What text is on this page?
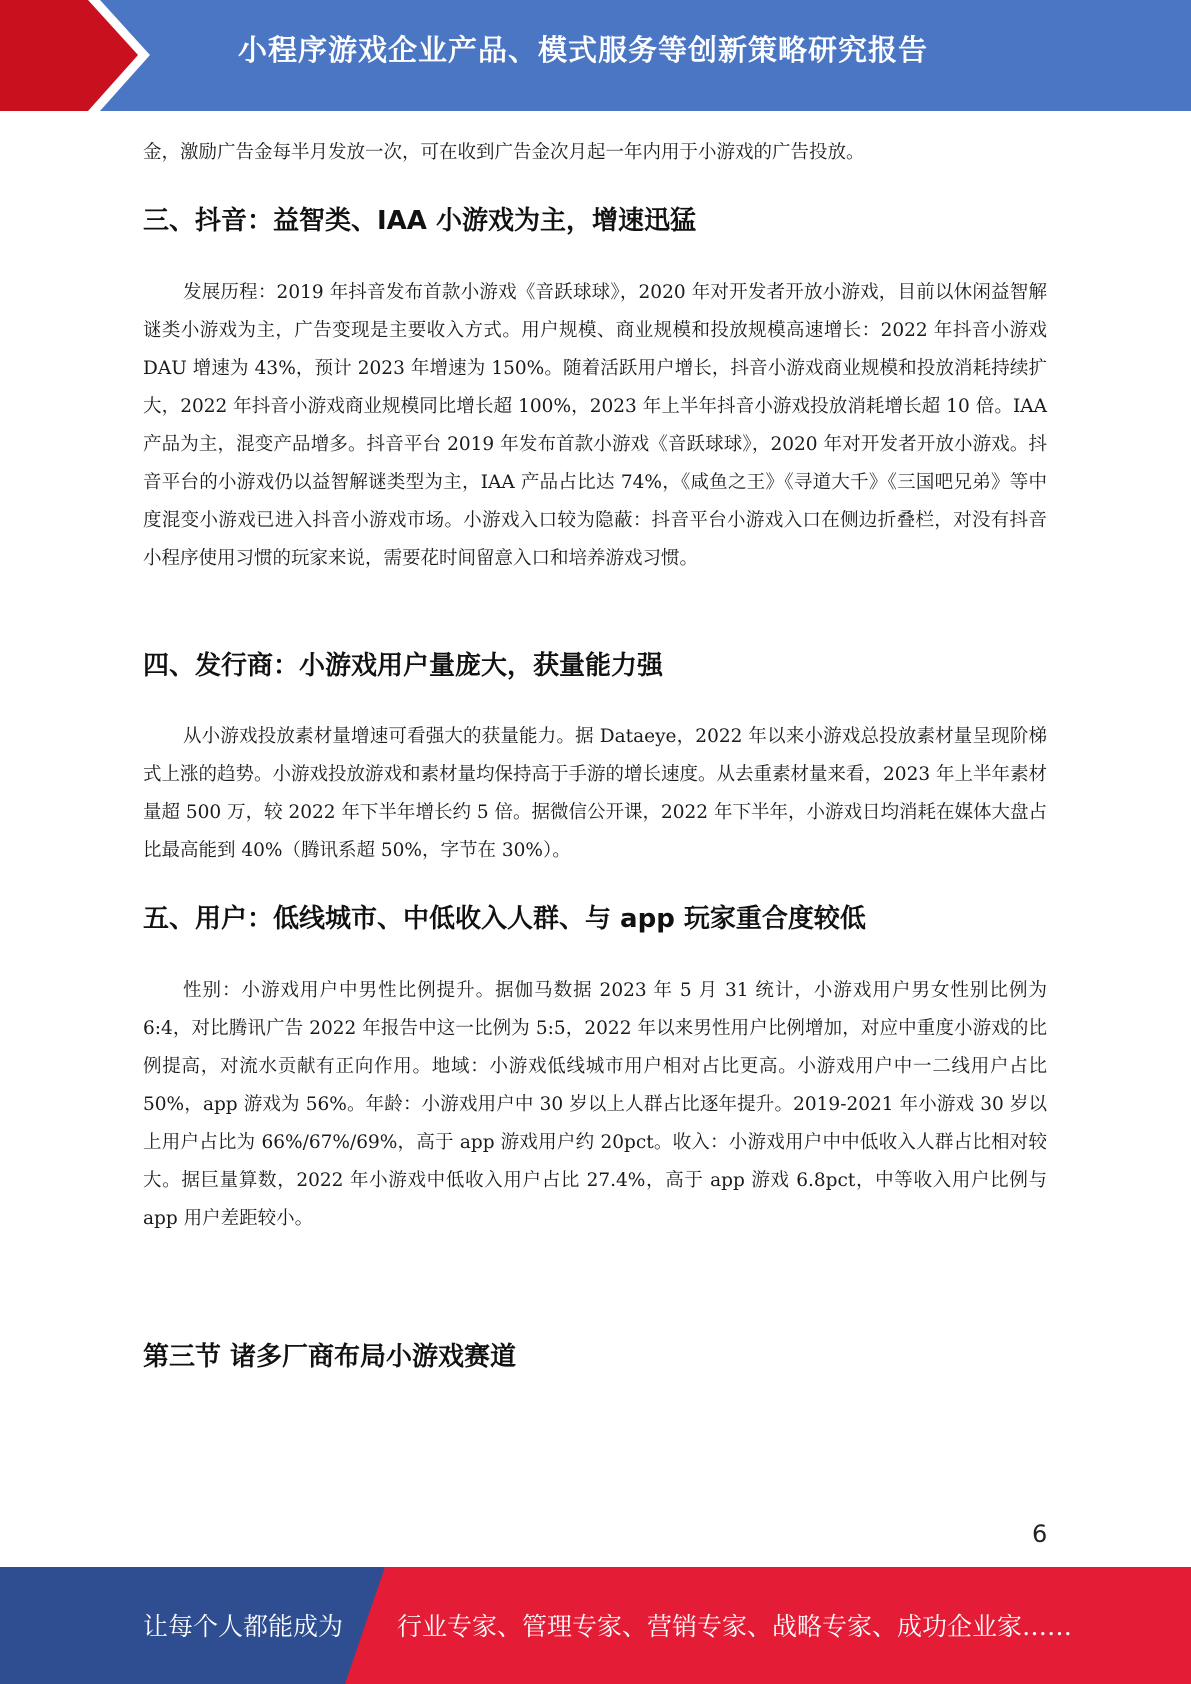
小程序游戏企业产品、模式服务等创新策略研究报告

金，激励广告金每半月发放一次，可在收到广告金次月起一年内用于小游戏的广告投放。

三、抖音：益智类、IAA 小游戏为主，增速迅猛

发展历程：2019 年抖音发布首款小游戏《音跃球球》，2020 年对开发者开放小游戏，目前以休闲益智解谜类小游戏为主，广告变现是主要收入方式。用户规模、商业规模和投放规模高速增长：2022 年抖音小游戏 DAU 增速为 43%，预计 2023 年增速为 150%。随着活跃用户增长，抖音小游戏商业规模和投放消耗持续扩大，2022 年抖音小游戏商业规模同比增长超 100%，2023 年上半年抖音小游戏投放消耗增长超 10 倍。IAA 产品为主，混变产品增多。抖音平台 2019 年发布首款小游戏《音跃球球》，2020 年对开发者开放小游戏。抖音平台的小游戏仍以益智解谜类型为主，IAA 产品占比达 74%，《咸鱼之王》《寻道大千》《三国吧兄弟》等中度混变小游戏已进入抖音小游戏市场。小游戏入口较为隐蔽：抖音平台小游戏入口在侧边折叠栏，对没有抖音小程序使用习惯的玩家来说，需要花时间留意入口和培养游戏习惯。

四、发行商：小游戏用户量庞大，获量能力强

从小游戏投放素材量增速可看强大的获量能力。据 Dataeye，2022 年以来小游戏总投放素材量呈现阶梯式上涨的趋势。小游戏投放游戏和素材量均保持高于手游的增长速度。从去重素材量来看，2023 年上半年素材量超 500 万，较 2022 年下半年增长约 5 倍。据微信公开课，2022 年下半年，小游戏日均消耗在媒体大盘占比最高能到 40%（腾讯系超 50%，字节在 30%）。

五、用户：低线城市、中低收入人群、与 app 玩家重合度较低

性别：小游戏用户中男性比例提升。据伽马数据 2023 年 5 月 31 统计，小游戏用户男女性别比例为 6:4，对比腾讯广告 2022 年报告中这一比例为 5:5，2022 年以来男性用户比例增加，对应中重度小游戏的比例提高，对流水贡献有正向作用。地域：小游戏低线城市用户相对占比更高。小游戏用户中一二线用户占比 50%，app 游戏为 56%。年龄：小游戏用户中 30 岁以上人群占比逐年提升。2019-2021 年小游戏 30 岁以上用户占比为 66%/67%/69%，高于 app 游戏用户约 20pct。收入：小游戏用户中中低收入人群占比相对较大。据巨量算数，2022 年小游戏中低收入用户占比 27.4%，高于 app 游戏 6.8pct，中等收入用户比例与 app 用户差距较小。

第三节 诸多厂商布局小游戏赛道
6
让每个人都能成为 行业专家、管理专家、营销专家、战略专家、成功企业家……
